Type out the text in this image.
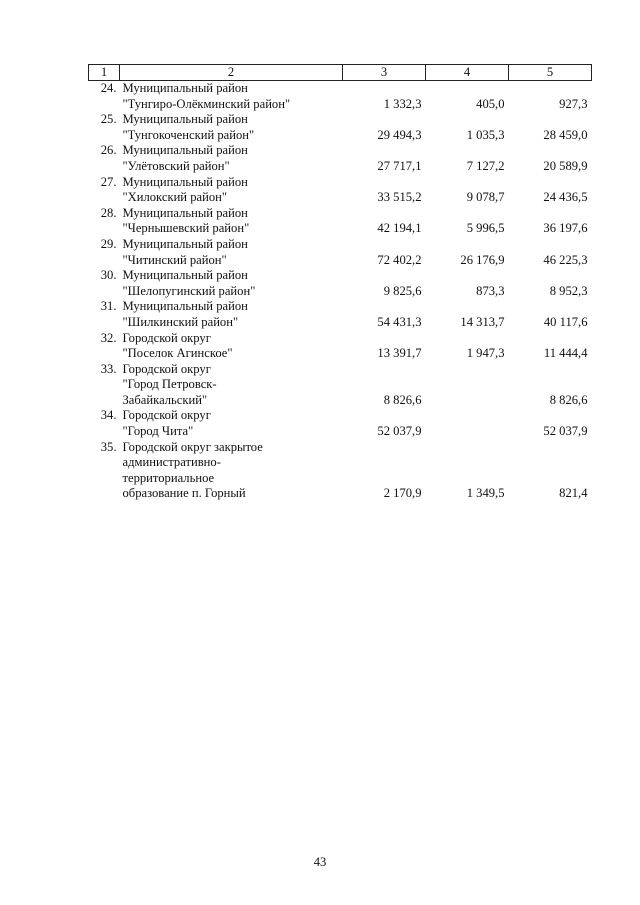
1	2	3	4	5
24.	Муниципальный район
"Тунгиро-Олёкминский район"	1 332,3	405,0	927,3
25.	Муниципальный район
"Тунгокоченский район"	29 494,3	1 035,3	28 459,0
26.	Муниципальный район
"Улётовский район"	27 717,1	7 127,2	20 589,9
27.	Муниципальный район
"Хилокский район"	33 515,2	9 078,7	24 436,5
28.	Муниципальный район
"Чернышевский район"	42 194,1	5 996,5	36 197,6
29.	Муниципальный район
"Читинский район"	72 402,2	26 176,9	46 225,3
30.	Муниципальный район
"Шелопугинский район"	9 825,6	873,3	8 952,3
31.	Муниципальный район
"Шилкинский район"	54 431,3	14 313,7	40 117,6
32.	Городской округ
"Поселок Агинское"	13 391,7	1 947,3	11 444,4
33.	Городской округ
"Город Петровск-
Забайкальский"	8 826,6		8 826,6
34.	Городской округ
"Город Чита"	52 037,9		52 037,9
35.	Городской округ закрытое
административно-
территориальное
образование п. Горный	2 170,9	1 349,5	821,4
43
